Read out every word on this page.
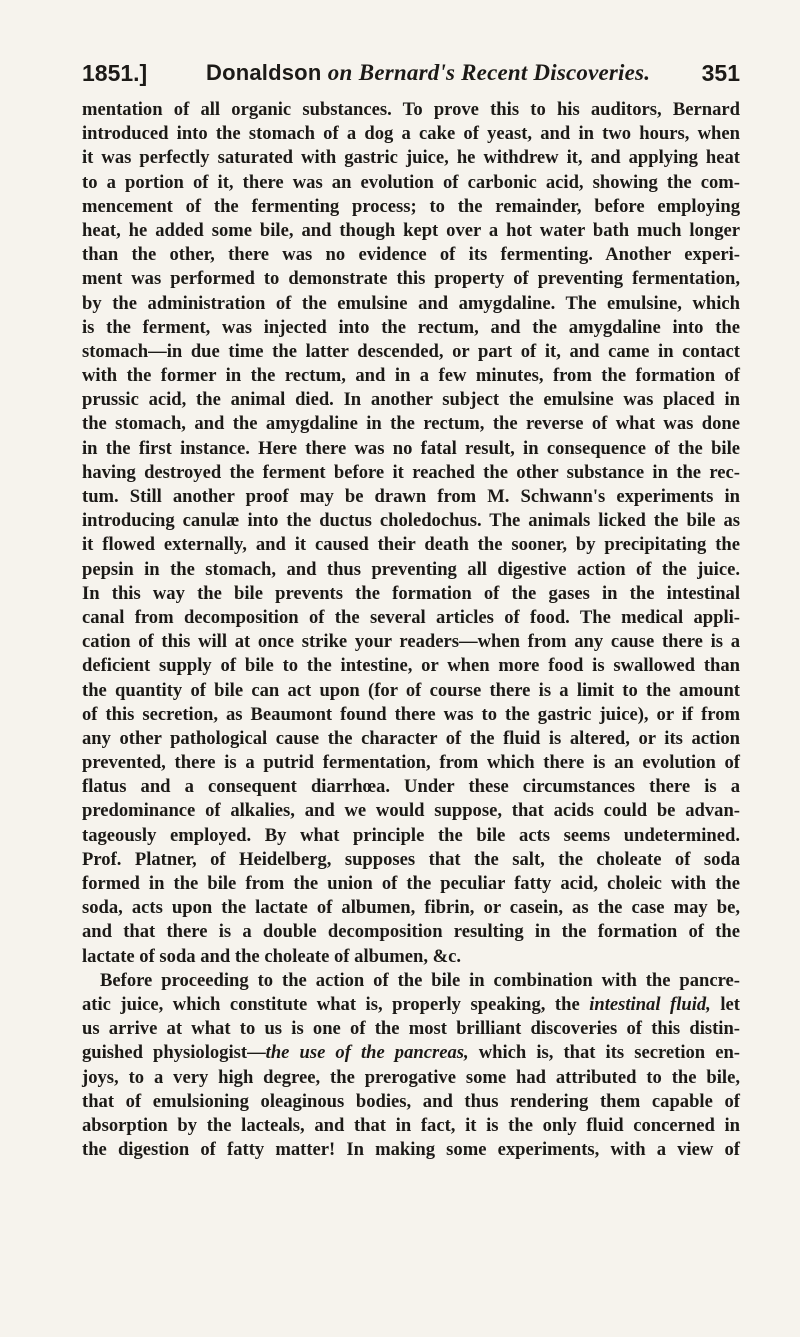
1851.]	Donaldson on Bernard's Recent Discoveries. 351
mentation of all organic substances. To prove this to his auditors, Bernard
introduced into the stomach of a dog a cake of yeast, and in two hours, when
it was perfectly saturated with gastric juice, he withdrew it, and applying heat
to a portion of it, there was an evolution of carbonic acid, showing the com-
mencement of the fermenting process; to the remainder, before employing
heat, he added some bile, and though kept over a hot water bath much longer
than the other, there was no evidence of its fermenting. Another experi-
ment was performed to demonstrate this property of preventing fermentation,
by the administration of the emulsine and amygdaline. The emulsine, which
is the ferment, was injected into the rectum, and the amygdaline into the
stomach—in due time the latter descended, or part of it, and came in contact
with the former in the rectum, and in a few minutes, from the formation of
prussic acid, the animal died. In another subject the emulsine was placed in
the stomach, and the amygdaline in the rectum, the reverse of what was done
in the first instance. Here there was no fatal result, in consequence of the bile
having destroyed the ferment before it reached the other substance in the rec-
tum. Still another proof may be drawn from M. Schwann's experiments in
introducing canulæ into the ductus choledochus. The animals licked the bile as
it flowed externally, and it caused their death the sooner, by precipitating the
pepsin in the stomach, and thus preventing all digestive action of the juice.
In this way the bile prevents the formation of the gases in the intestinal
canal from decomposition of the several articles of food. The medical appli-
cation of this will at once strike your readers—when from any cause there is a
deficient supply of bile to the intestine, or when more food is swallowed than
the quantity of bile can act upon (for of course there is a limit to the amount
of this secretion, as Beaumont found there was to the gastric juice), or if from
any other pathological cause the character of the fluid is altered, or its action
prevented, there is a putrid fermentation, from which there is an evolution of
flatus and a consequent diarrhœa. Under these circumstances there is a
predominance of alkalies, and we would suppose, that acids could be advan-
tageously employed. By what principle the bile acts seems undetermined.
Prof. Platner, of Heidelberg, supposes that the salt, the choleate of soda
formed in the bile from the union of the peculiar fatty acid, choleic with the
soda, acts upon the lactate of albumen, fibrin, or casein, as the case may be,
and that there is a double decomposition resulting in the formation of the
lactate of soda and the choleate of albumen, &c.
Before proceeding to the action of the bile in combination with the pancre-
atic juice, which constitute what is, properly speaking, the intestinal fluid, let
us arrive at what to us is one of the most brilliant discoveries of this distin-
guished physiologist—the use of the pancreas, which is, that its secretion en-
joys, to a very high degree, the prerogative some had attributed to the bile,
that of emulsioning oleaginous bodies, and thus rendering them capable of
absorption by the lacteals, and that in fact, it is the only fluid concerned in
the digestion of fatty matter! In making some experiments, with a view of
